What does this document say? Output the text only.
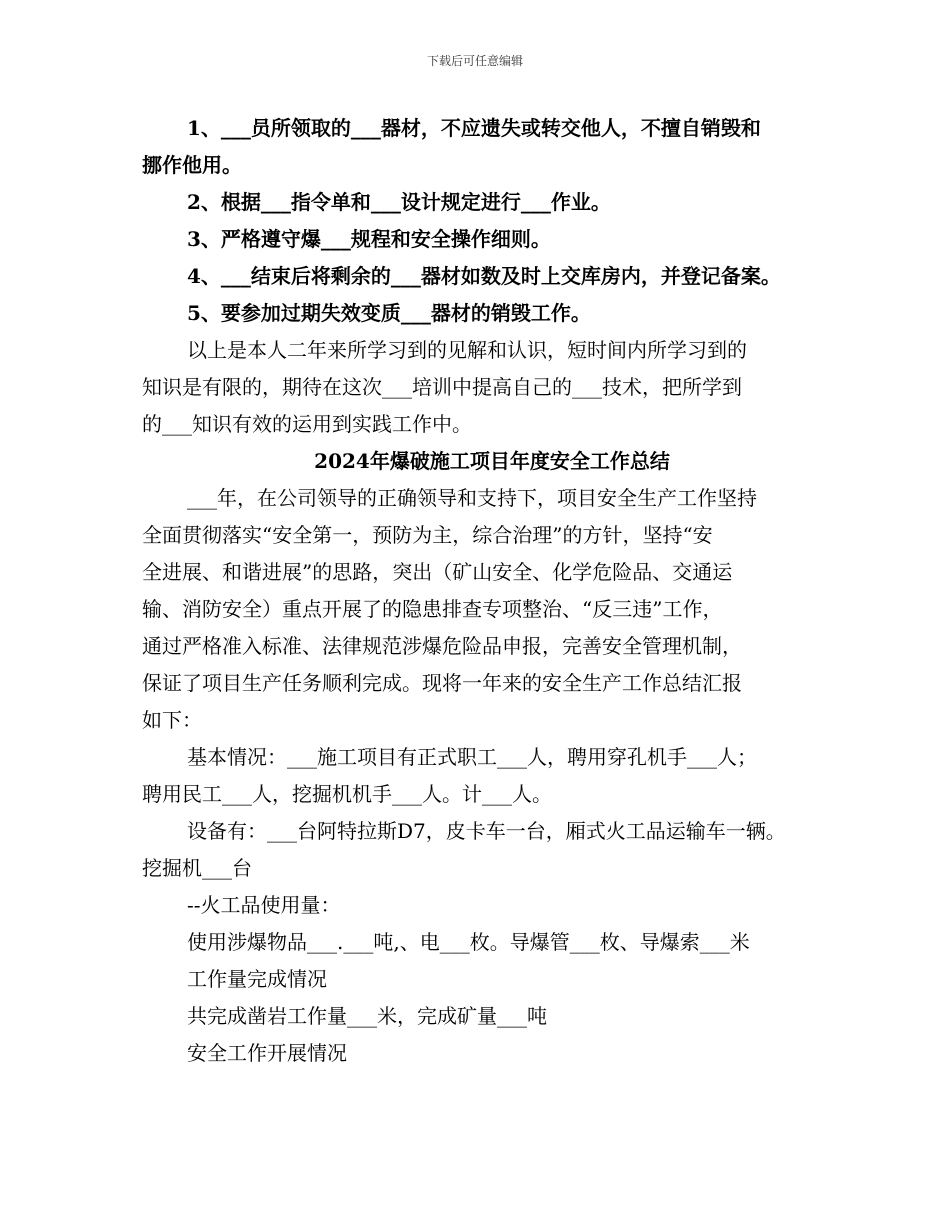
下载后可任意编辑
1、___员所领取的___器材，不应遗失或转交他人，不擅自销毁和
挪作他用。
2、根据___指令单和___设计规定进行___作业。
3、严格遵守爆___规程和安全操作细则。
4、___结束后将剩余的___器材如数及时上交库房内，并登记备案。
5、要参加过期失效变质___器材的销毁工作。
以上是本人二年来所学习到的见解和认识，短时间内所学习到的
知识是有限的，期待在这次___培训中提高自己的___技术，把所学到
的___知识有效的运用到实践工作中。
2024年爆破施工项目年度安全工作总结
___年，在公司领导的正确领导和支持下，项目安全生产工作坚持
全面贯彻落实“安全第一，预防为主，综合治理”的方针，坚持“安
全进展、和谐进展”的思路，突出（矿山安全、化学危险品、交通运
输、消防安全）重点开展了的隐患排查专项整治、“反三违”工作，
通过严格准入标准、法律规范涉爆危险品申报，完善安全管理机制，
保证了项目生产任务顺利完成。现将一年来的安全生产工作总结汇报
如下：
基本情况：___施工项目有正式职工___人，聘用穿孔机手___人；
聘用民工___人，挖掘机机手___人。计___人。
设备有：___台阿特拉斯D7，皮卡车一台，厢式火工品运输车一辆。
挖掘机___台
--火工品使用量：
使用涉爆物品___.___吨,、电___枚。导爆管___枚、导爆索___米
工作量完成情况
共完成凿岩工作量___米，完成矿量___吨
安全工作开展情况
